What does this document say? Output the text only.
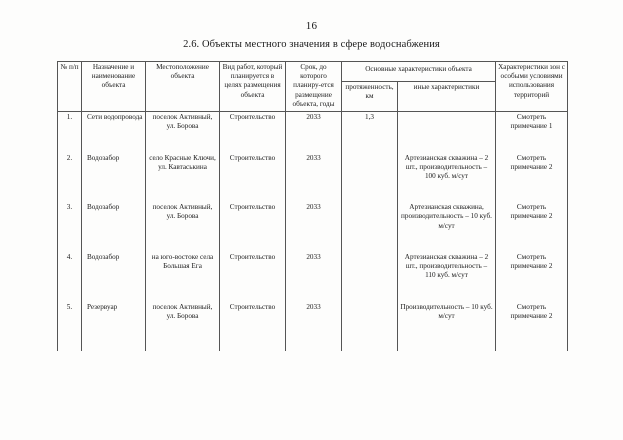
16
2.6. Объекты местного значения в сфере водоснабжения
№ п/п	Назначение и наименование объекта	Местоположение объекта	Вид работ, который планируется в целях размещения объекта	Срок, до которого планиру-ется размещение объекта, годы	Основные характеристики объекта		Характеристики зон с особыми условиями использования территорий
					протяженность, км	иные характеристики	
1.	Сети водопровода	поселок Активный, ул. Борова	Строительство	2033	1,3		Смотреть примечание 1

2.	Водозабор	село Красные Ключи, ул. Кавтаськина	Строительство	2033		Артезианская скважина – 2 шт., производительность – 100 куб. м/сут	Смотреть примечание 2

3.	Водозабор	поселок Активный, ул. Борова	Строительство	2033		Артезианская скважина, производительность – 10 куб. м/сут	Смотреть примечание 2

4.	Водозабор	на юго-востоке села Большая Ега	Строительство	2033		Артезианская скважина – 2 шт., производительность – 110 куб. м/сут	Смотреть примечание 2

5.	Резервуар	поселок Активный, ул. Борова	Строительство	2033		Производительность – 10 куб. м/сут	Смотреть примечание 2
